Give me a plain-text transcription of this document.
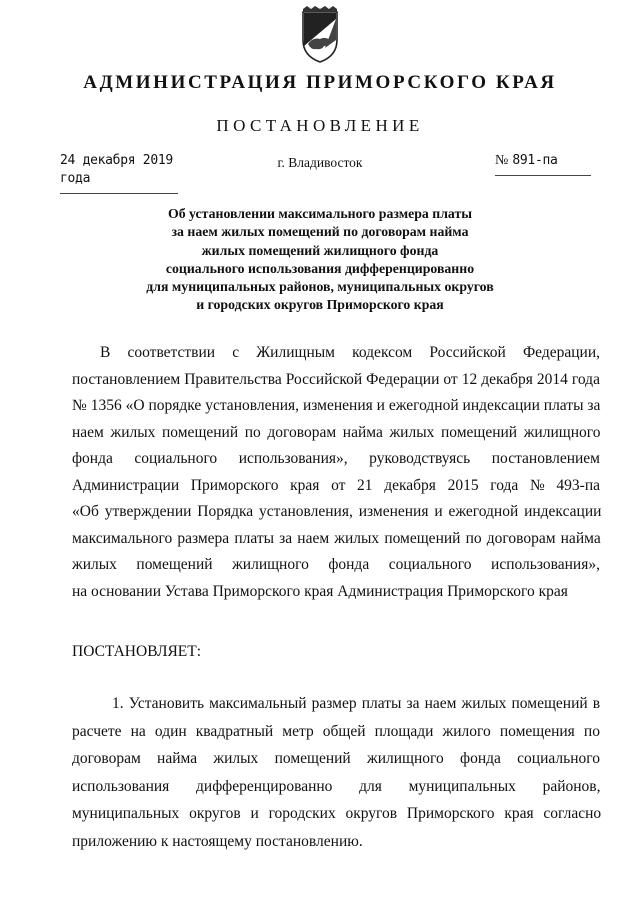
АДМИНИСТРАЦИЯ ПРИМОРСКОГО КРАЯ
ПОСТАНОВЛЕНИЕ
24 декабря 2019 года
г. Владивосток	№ 891-па
Об установлении максимального размера платы
за наем жилых помещений по договорам найма
жилых помещений жилищного фонда
социального использования дифференцированно
для муниципальных районов, муниципальных округов
и городских округов Приморского края
В соответствии с Жилищным кодексом Российской Федерации,
постановлением Правительства Российской Федерации от 12 декабря 2014 года
№ 1356 «О порядке установления, изменения и ежегодной индексации платы за
наем жилых помещений по договорам найма жилых помещений жилищного
фонда социального использования», руководствуясь постановлением
Администрации Приморского края от 21 декабря 2015 года № 493-па
«Об утверждении Порядка установления, изменения и ежегодной индексации
максимального размера платы за наем жилых помещений по договорам найма
жилых помещений жилищного фонда социального использования»,
на основании Устава Приморского края Администрация Приморского края
ПОСТАНОВЛЯЕТ:
1. Установить максимальный размер платы за наем жилых помещений в
расчете на один квадратный метр общей площади жилого помещения по
договорам найма жилых помещений жилищного фонда социального
использования дифференцированно для муниципальных районов,
муниципальных округов и городских округов Приморского края согласно
приложению к настоящему постановлению.
